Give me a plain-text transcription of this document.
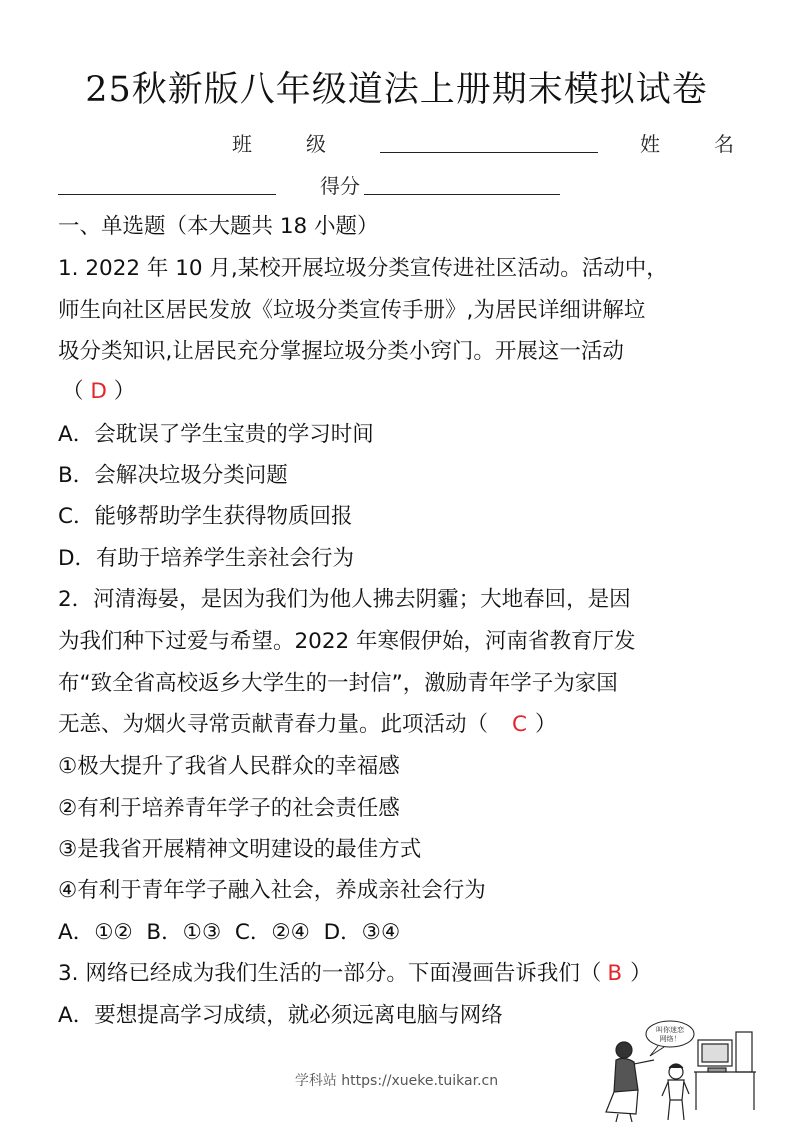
25秋新版八年级道法上册期末模拟试卷
班	级	姓	名
得分
一、单选题（本大题共 18 小题）
1. 2022 年 10 月,某校开展垃圾分类宣传进社区活动。活动中，
师生向社区居民发放《垃圾分类宣传手册》,为居民详细讲解垃
圾分类知识,让居民充分掌握垃圾分类小窍门。开展这一活动
（ D ）
A．会耽误了学生宝贵的学习时间
B．会解决垃圾分类问题
C．能够帮助学生获得物质回报
D．有助于培养学生亲社会行为
2．河清海晏，是因为我们为他人拂去阴霾；大地春回，是因
为我们种下过爱与希望。2022 年寒假伊始，河南省教育厅发
布“致全省高校返乡大学生的一封信”，激励青年学子为家国
无恙、为烟火寻常贡献青春力量。此项活动（ C ）
①极大提升了我省人民群众的幸福感
②有利于培养青年学子的社会责任感
③是我省开展精神文明建设的最佳方式
④有利于青年学子融入社会，养成亲社会行为
A．①②  B．①③  C．②④  D．③④
3. 网络已经成为我们生活的一部分。下面漫画告诉我们（ B ）
A．要想提高学习成绩，就必须远离电脑与网络
叫你迷恋
网络！
学科站 https://xueke.tuikar.cn
